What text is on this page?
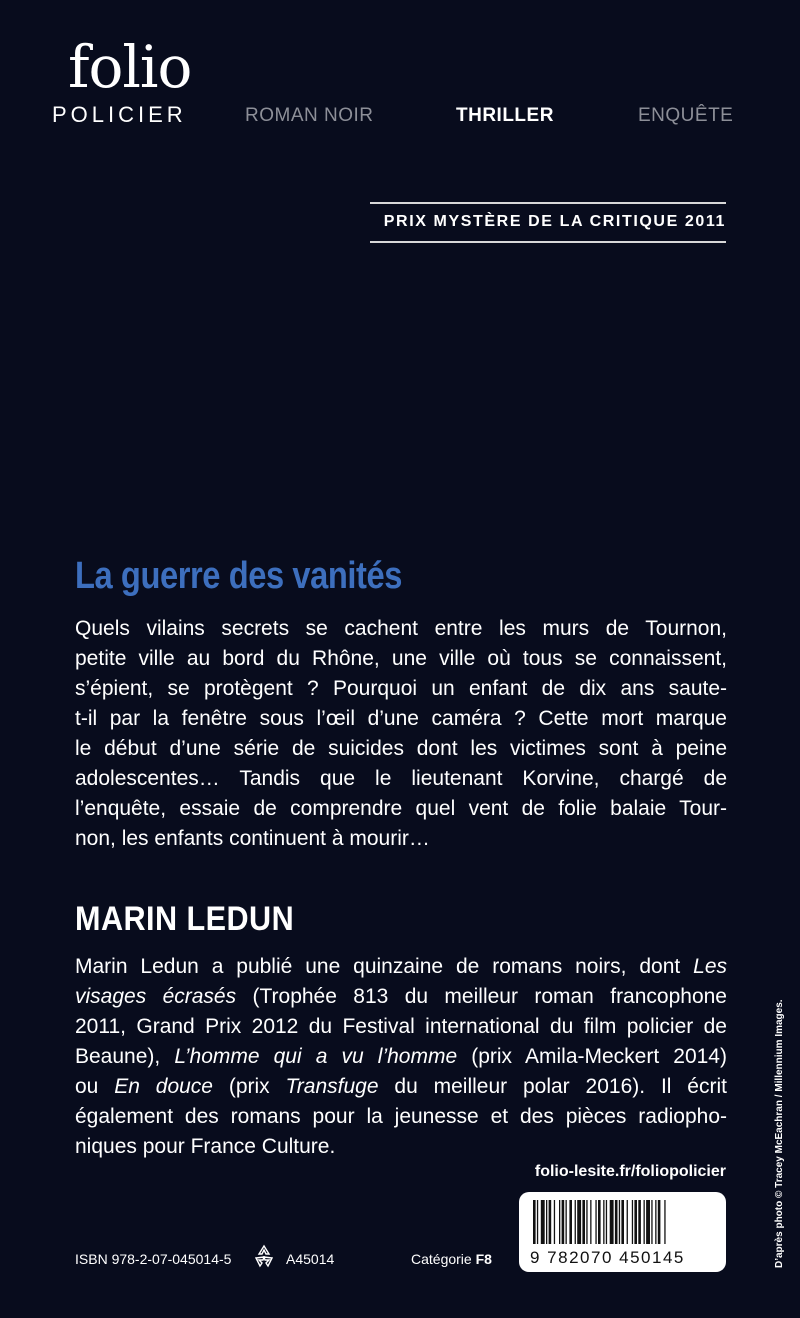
folio
POLICIER	ROMAN NOIR	THRILLER	ENQUÊTE
PRIX MYSTÈRE DE LA CRITIQUE 2011
La guerre des vanités
Quels vilains secrets se cachent entre les murs de Tournon,
petite ville au bord du Rhône, une ville où tous se connaissent,
s’épient, se protègent ? Pourquoi un enfant de dix ans saute-
t-il par la fenêtre sous l’œil d’une caméra ? Cette mort marque
le début d’une série de suicides dont les victimes sont à peine
adolescentes… Tandis que le lieutenant Korvine, chargé de
l’enquête, essaie de comprendre quel vent de folie balaie Tour-
non, les enfants continuent à mourir…
MARIN LEDUN
Marin Ledun a publié une quinzaine de romans noirs, dont Les
visages écrasés (Trophée 813 du meilleur roman francophone
2011, Grand Prix 2012 du Festival international du film policier de
Beaune), L’homme qui a vu l’homme (prix Amila-Meckert 2014)
ou En douce (prix Transfuge du meilleur polar 2016). Il écrit
également des romans pour la jeunesse et des pièces radiopho-
niques pour France Culture.
folio-lesite.fr/foliopolicier
9 782070 450145
ISBN 978-2-07-045014-5	A45014	Catégorie F8	D’après photo © Tracey McEachran / Millennium Images.
